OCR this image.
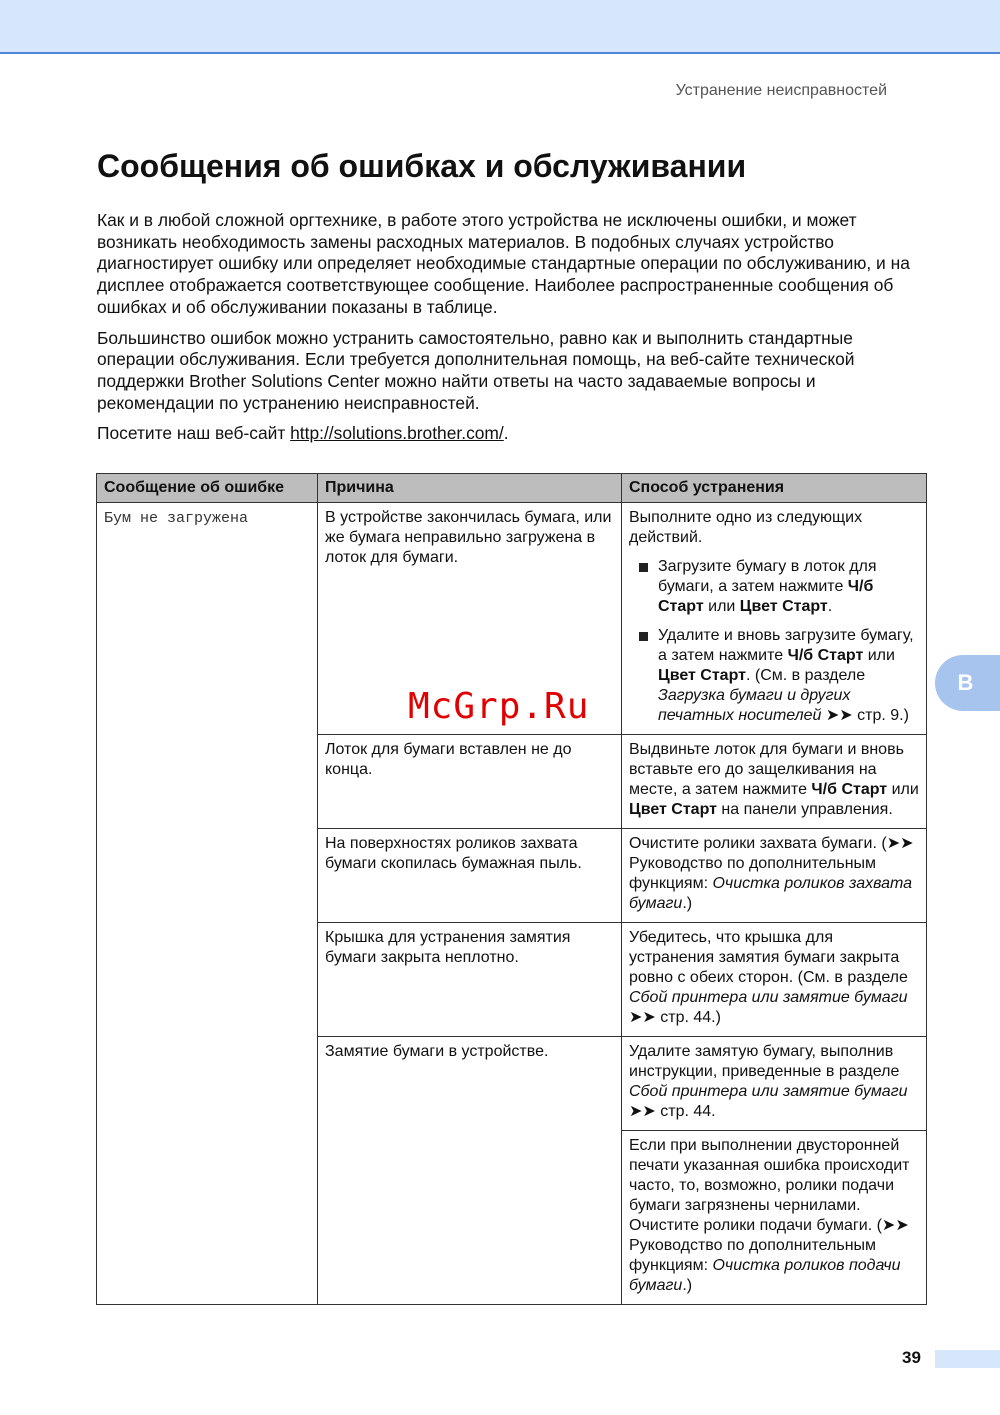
Устранение неисправностей
Сообщения об ошибках и обслуживании

Как и в любой сложной оргтехнике, в работе этого устройства не исключены ошибки, и может возникать необходимость замены расходных материалов. В подобных случаях устройство диагностирует ошибку или определяет необходимые стандартные операции по обслуживанию, и на дисплее отображается соответствующее сообщение. Наиболее распространенные сообщения об ошибках и об обслуживании показаны в таблице.

Большинство ошибок можно устранить самостоятельно, равно как и выполнить стандартные операции обслуживания. Если требуется дополнительная помощь, на веб-сайте технической поддержки Brother Solutions Center можно найти ответы на часто задаваемые вопросы и рекомендации по устранению неисправностей.

Посетите наш веб-сайт http://solutions.brother.com/.

B
McGrp.Ru
Сообщение об ошибке	Причина	Способ устранения
Бум не загружена	В устройстве закончилась бумага, или же бумага неправильно загружена в лоток для бумаги.	Выполните одно из следующих действий.
Загрузите бумагу в лоток для бумаги, а затем нажмите Ч/б Старт или Цвет Старт.
Удалите и вновь загрузите бумагу, а затем нажмите Ч/б Старт или Цвет Старт. (См. в разделе Загрузка бумаги и других печатных носителей ➤➤ стр. 9.)

	Лоток для бумаги вставлен не до конца.	Выдвиньте лоток для бумаги и вновь вставьте его до защелкивания на месте, а затем нажмите Ч/б Старт или Цвет Старт на панели управления.
	На поверхностях роликов захвата бумаги скопилась бумажная пыль.	Очистите ролики захвата бумаги. (➤➤ Руководство по дополнительным функциям: Очистка роликов захвата бумаги.)
	Крышка для устранения замятия бумаги закрыта неплотно.	Убедитесь, что крышка для устранения замятия бумаги закрыта ровно с обеих сторон. (См. в разделе Сбой принтера или замятие бумаги ➤➤ стр. 44.)
	Замятие бумаги в устройстве.	Удалите замятую бумагу, выполнив инструкции, приведенные в разделе Сбой принтера или замятие бумаги ➤➤ стр. 44.
		Если при выполнении двусторонней печати указанная ошибка происходит часто, то, возможно, ролики подачи бумаги загрязнены чернилами. Очистите ролики подачи бумаги. (➤➤ Руководство по дополнительным функциям: Очистка роликов подачи бумаги.)
39
